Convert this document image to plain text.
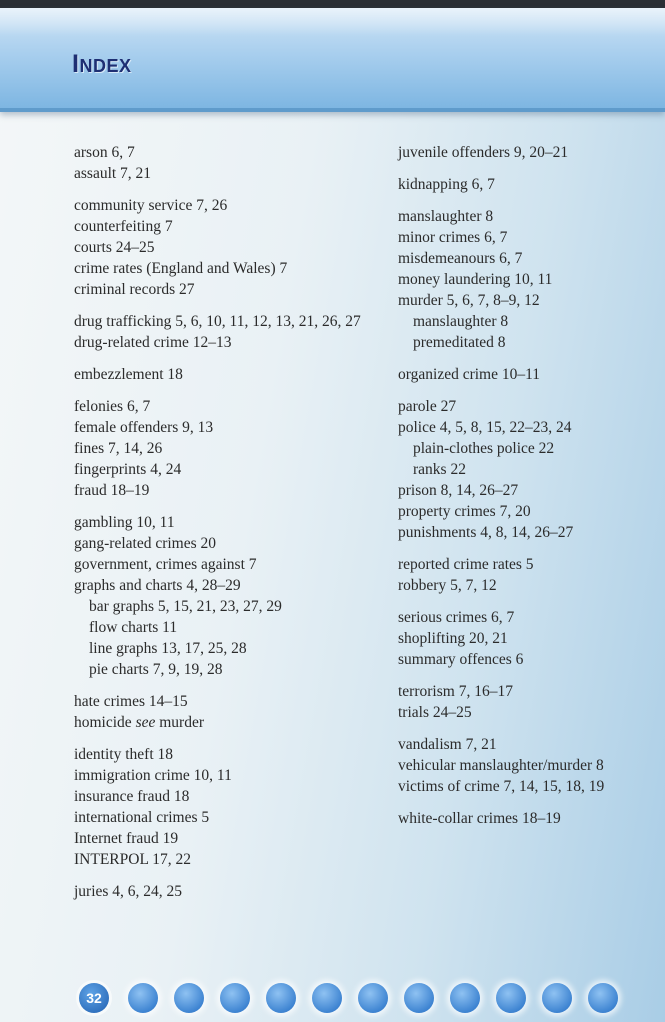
Index
arson 6, 7
assault 7, 21
community service 7, 26
counterfeiting 7
courts 24–25
crime rates (England and Wales) 7
criminal records 27
drug trafficking 5, 6, 10, 11, 12, 13, 21, 26, 27
drug-related crime 12–13
embezzlement 18
felonies 6, 7
female offenders 9, 13
fines 7, 14, 26
fingerprints 4, 24
fraud 18–19
gambling 10, 11
gang-related crimes 20
government, crimes against 7
graphs and charts 4, 28–29
bar graphs 5, 15, 21, 23, 27, 29
flow charts 11
line graphs 13, 17, 25, 28
pie charts 7, 9, 19, 28
hate crimes 14–15
homicide see murder
identity theft 18
immigration crime 10, 11
insurance fraud 18
international crimes 5
Internet fraud 19
INTERPOL 17, 22
juries 4, 6, 24, 25
juvenile offenders 9, 20–21
kidnapping 6, 7
manslaughter 8
minor crimes 6, 7
misdemeanours 6, 7
money laundering 10, 11
murder 5, 6, 7, 8–9, 12
manslaughter 8
premeditated 8
organized crime 10–11
parole 27
police 4, 5, 8, 15, 22–23, 24
plain-clothes police 22
ranks 22
prison 8, 14, 26–27
property crimes 7, 20
punishments 4, 8, 14, 26–27
reported crime rates 5
robbery 5, 7, 12
serious crimes 6, 7
shoplifting 20, 21
summary offences 6
terrorism 7, 16–17
trials 24–25
vandalism 7, 21
vehicular manslaughter/murder 8
victims of crime 7, 14, 15, 18, 19
white-collar crimes 18–19
32
